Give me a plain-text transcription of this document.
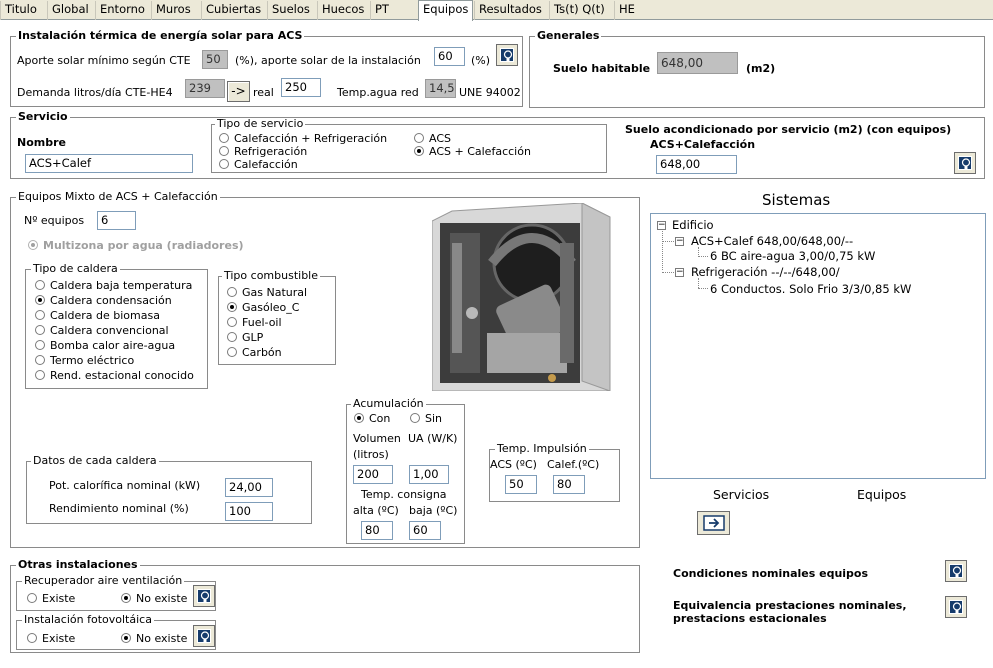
Titulo	Global Entorno Muros	Cubiertas Suelos	Huecos PT	Equipos Resultados	Ts(t) Q(t)	HE
Instalación térmica de energía solar para ACS
Aporte solar mínimo según CTE	50	(%), aporte solar de la instalación	60	(%)
Demanda litros/día CTE-HE4	239	-> real 250	Temp.agua red 14,5 UNE 94002
Generales
Suelo habitable 648,00	(m2)
Servicio
Nombre
ACS+Calef
Tipo de servicio
Calefacción + Refrigeración
Refrigeración
Calefacción
ACS
ACS + Calefacción
Suelo acondicionado por servicio (m2) (con equipos)
ACS+Calefacción
648,00
Equipos Mixto de ACS + Calefacción
Nº equipos	6
Multizona por agua (radiadores)
Tipo de caldera
Caldera baja temperatura
Caldera condensación
Caldera de biomasa
Caldera convencional
Bomba calor aire-agua
Termo eléctrico
Rend. estacional conocido
Tipo combustible
Gas Natural
Gasóleo_C
Fuel-oil
GLP
Carbón
Datos de cada caldera
Pot. calorífica nominal (kW)	24,00
Rendimiento nominal (%)	100
Acumulación
Con	Sin
Volumen UA (W/K)
(litros)
200	1,00
Temp. consigna
alta (ºC) baja (ºC)
80	60
Temp. Impulsión
ACS (ºC) Calef.(ºC)
50	80
Sistemas
− Edificio
− ACS+Calef 648,00/648,00/--
6 BC aire-agua 3,00/0,75 kW
− Refrigeración --/--/648,00/
6 Conductos. Solo Frio 3/3/0,85 kW
Servicios	Equipos
Otras instalaciones
Recuperador aire ventilación
Existe	No existe
Instalación fotovoltáica
Existe	No existe
Condiciones nominales equipos
Equivalencia prestaciones nominales,
prestacions estacionales
